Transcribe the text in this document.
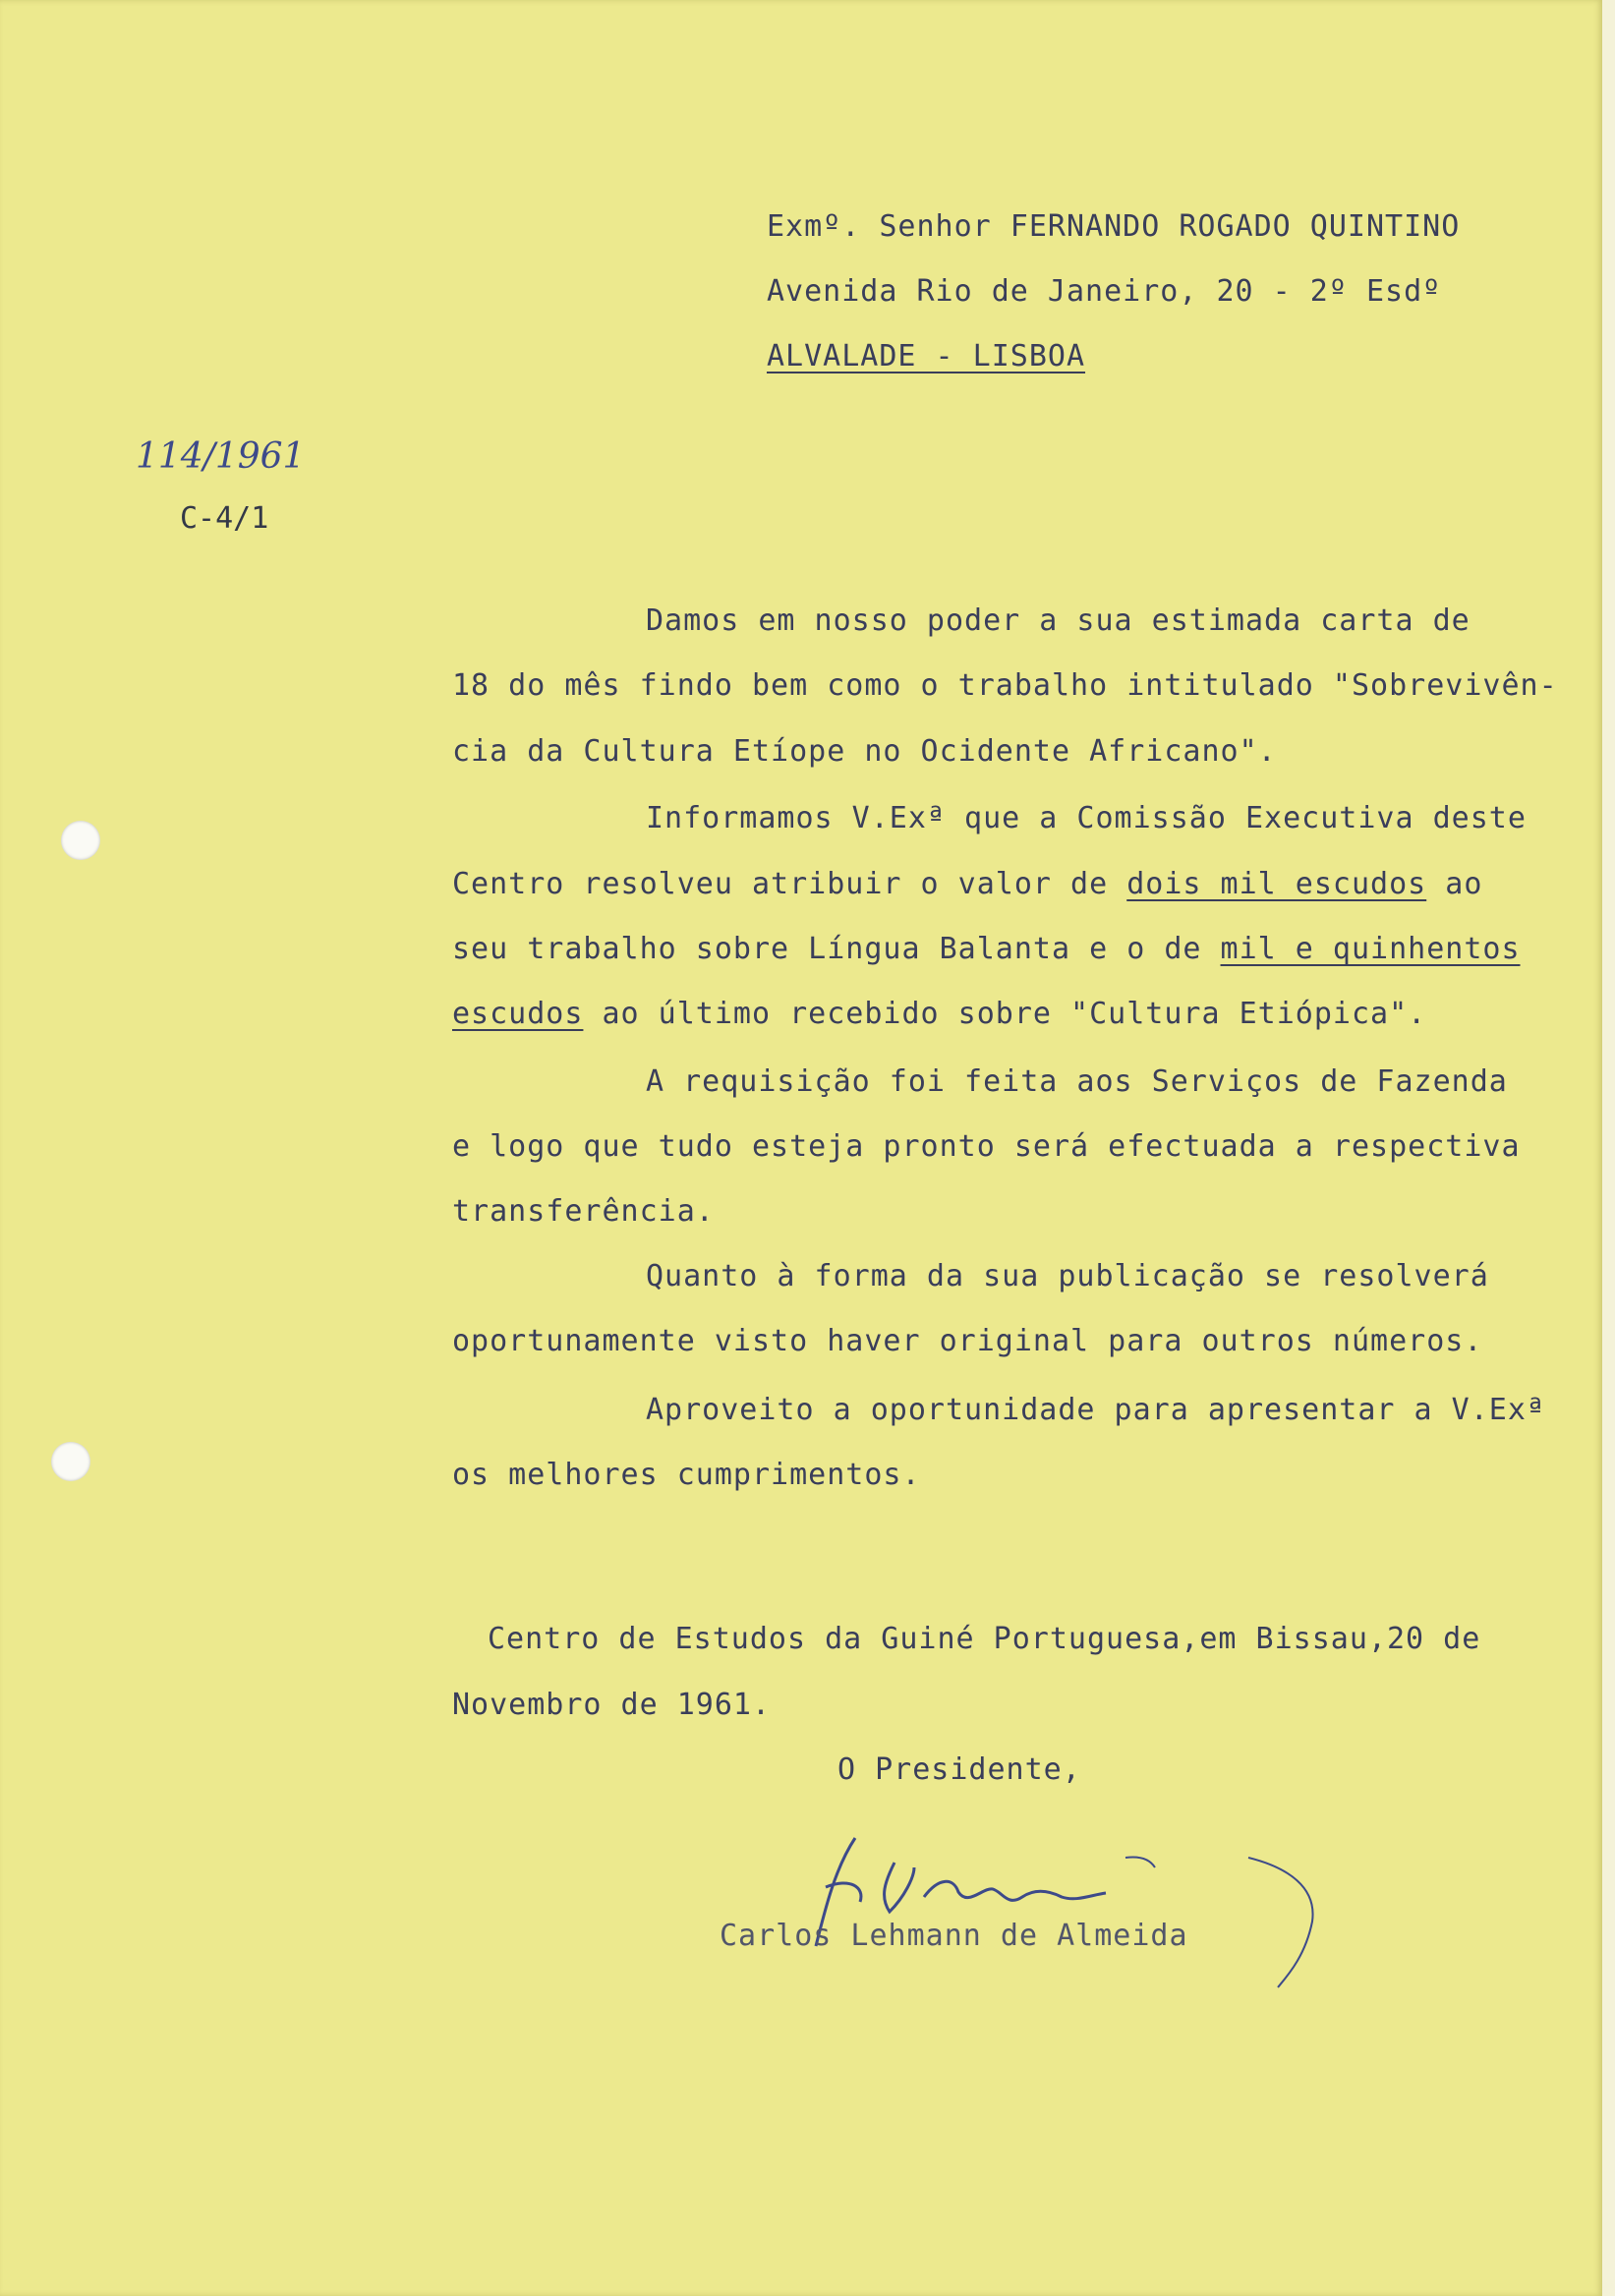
Exmº. Senhor FERNANDO ROGADO QUINTINO
Avenida Rio de Janeiro, 20 - 2º Esdº
ALVALADE - LISBOA
114/1961
C-4/1
Damos em nosso poder a sua estimada carta de
18 do mês findo bem como o trabalho intitulado "Sobrevivên-
cia da Cultura Etíope no Ocidente Africano".
Informamos V.Exª que a Comissão Executiva deste
Centro resolveu atribuir o valor de dois mil escudos ao
seu trabalho sobre Língua Balanta e o de mil e quinhentos
escudos ao último recebido sobre "Cultura Etiópica".
A requisição foi feita aos Serviços de Fazenda
e logo que tudo esteja pronto será efectuada a respectiva
transferência.
Quanto à forma da sua publicação se resolverá
oportunamente visto haver original para outros números.
Aproveito a oportunidade para apresentar a V.Exª
os melhores cumprimentos.
Centro de Estudos da Guiné Portuguesa,em Bissau,20 de
Novembro de 1961.
O Presidente,
Carlos Lehmann de Almeida
